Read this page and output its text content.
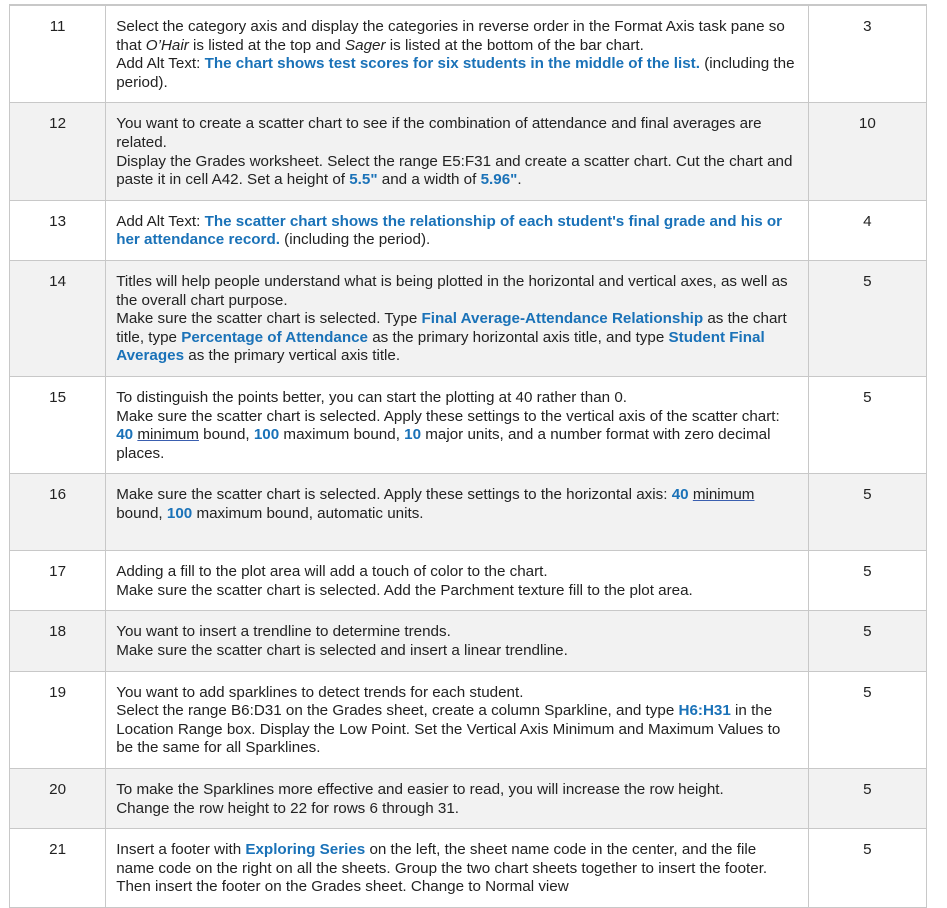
11	Select the category axis and display the categories in reverse order in the Format Axis task pane so that O’Hair is listed at the top and Sager is listed at the bottom of the bar chart.
Add Alt Text: The chart shows test scores for six students in the middle of the list. (including the period).	3
12	You want to create a scatter chart to see if the combination of attendance and final averages are related.
Display the Grades worksheet. Select the range E5:F31 and create a scatter chart. Cut the chart and paste it in cell A42. Set a height of 5.5" and a width of 5.96".	10
13	Add Alt Text: The scatter chart shows the relationship of each student's final grade and his or her attendance record. (including the period).	4
14	Titles will help people understand what is being plotted in the horizontal and vertical axes, as well as the overall chart purpose.
Make sure the scatter chart is selected. Type Final Average-Attendance Relationship as the chart title, type Percentage of Attendance as the primary horizontal axis title, and type Student Final Averages as the primary vertical axis title.	5
15	To distinguish the points better, you can start the plotting at 40 rather than 0.
Make sure the scatter chart is selected. Apply these settings to the vertical axis of the scatter chart: 40 minimum bound, 100 maximum bound, 10 major units, and a number format with zero decimal places.	5
16	Make sure the scatter chart is selected. Apply these settings to the horizontal axis: 40 minimum bound, 100 maximum bound, automatic units.	5
17	Adding a fill to the plot area will add a touch of color to the chart.
Make sure the scatter chart is selected. Add the Parchment texture fill to the plot area.	5
18	You want to insert a trendline to determine trends.
Make sure the scatter chart is selected and insert a linear trendline.	5
19	You want to add sparklines to detect trends for each student.
Select the range B6:D31 on the Grades sheet, create a column Sparkline, and type H6:H31 in the Location Range box. Display the Low Point. Set the Vertical Axis Minimum and Maximum Values to be the same for all Sparklines.	5
20	To make the Sparklines more effective and easier to read, you will increase the row height.
Change the row height to 22 for rows 6 through 31.	5
21	Insert a footer with Exploring Series on the left, the sheet name code in the center, and the file name code on the right on all the sheets. Group the two chart sheets together to insert the footer. Then insert the footer on the Grades sheet. Change to Normal view	5
